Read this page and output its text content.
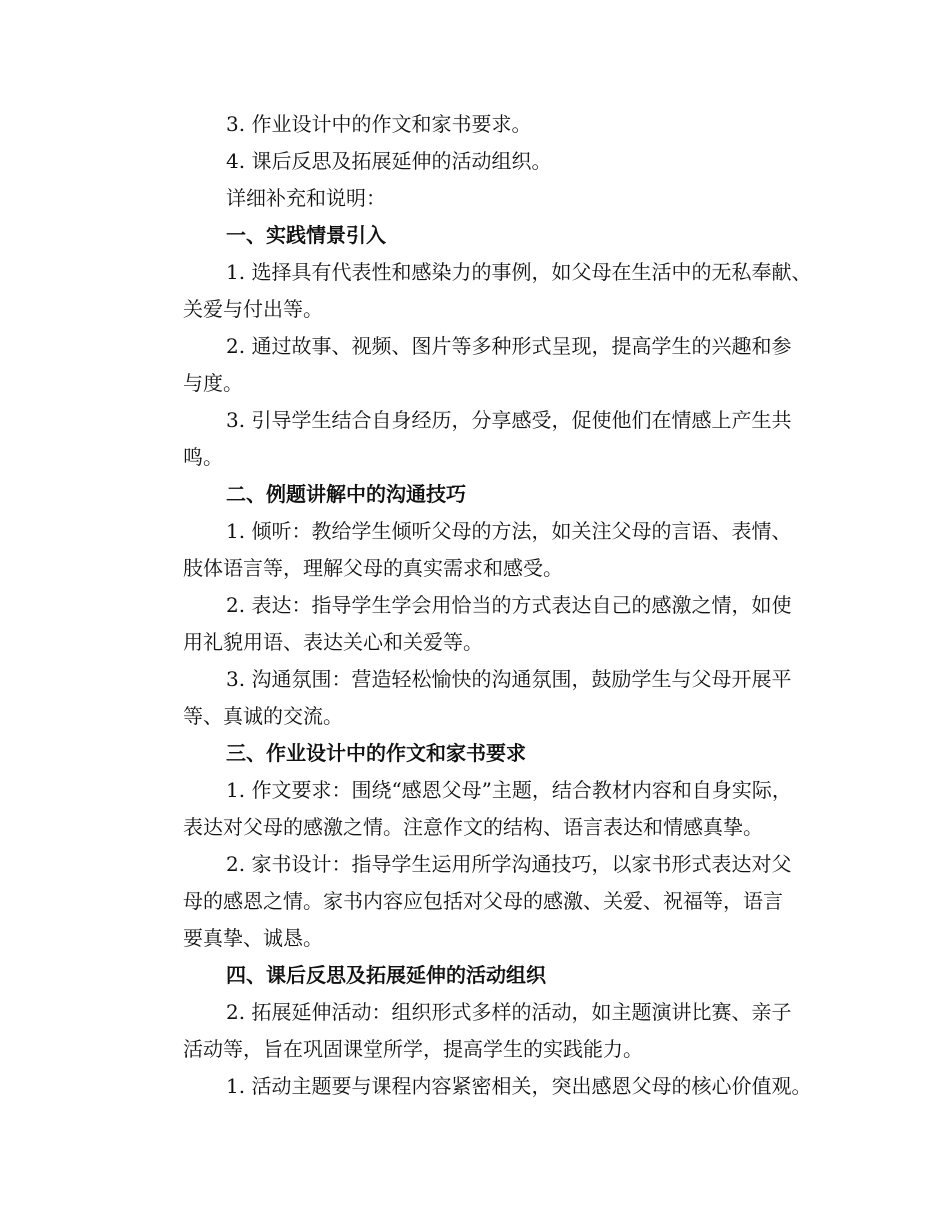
3. 作业设计中的作文和家书要求。
4. 课后反思及拓展延伸的活动组织。
详细补充和说明：
一、实践情景引入
1. 选择具有代表性和感染力的事例，如父母在生活中的无私奉献、
关爱与付出等。
2. 通过故事、视频、图片等多种形式呈现，提高学生的兴趣和参
与度。
3. 引导学生结合自身经历，分享感受，促使他们在情感上产生共
鸣。
二、例题讲解中的沟通技巧
1. 倾听：教给学生倾听父母的方法，如关注父母的言语、表情、
肢体语言等，理解父母的真实需求和感受。
2. 表达：指导学生学会用恰当的方式表达自己的感激之情，如使
用礼貌用语、表达关心和关爱等。
3. 沟通氛围：营造轻松愉快的沟通氛围，鼓励学生与父母开展平
等、真诚的交流。
三、作业设计中的作文和家书要求
1. 作文要求：围绕“感恩父母”主题，结合教材内容和自身实际，
表达对父母的感激之情。注意作文的结构、语言表达和情感真挚。
2. 家书设计：指导学生运用所学沟通技巧，以家书形式表达对父
母的感恩之情。家书内容应包括对父母的感激、关爱、祝福等，语言
要真挚、诚恳。
四、课后反思及拓展延伸的活动组织
2. 拓展延伸活动：组织形式多样的活动，如主题演讲比赛、亲子
活动等，旨在巩固课堂所学，提高学生的实践能力。
1. 活动主题要与课程内容紧密相关，突出感恩父母的核心价值观。
